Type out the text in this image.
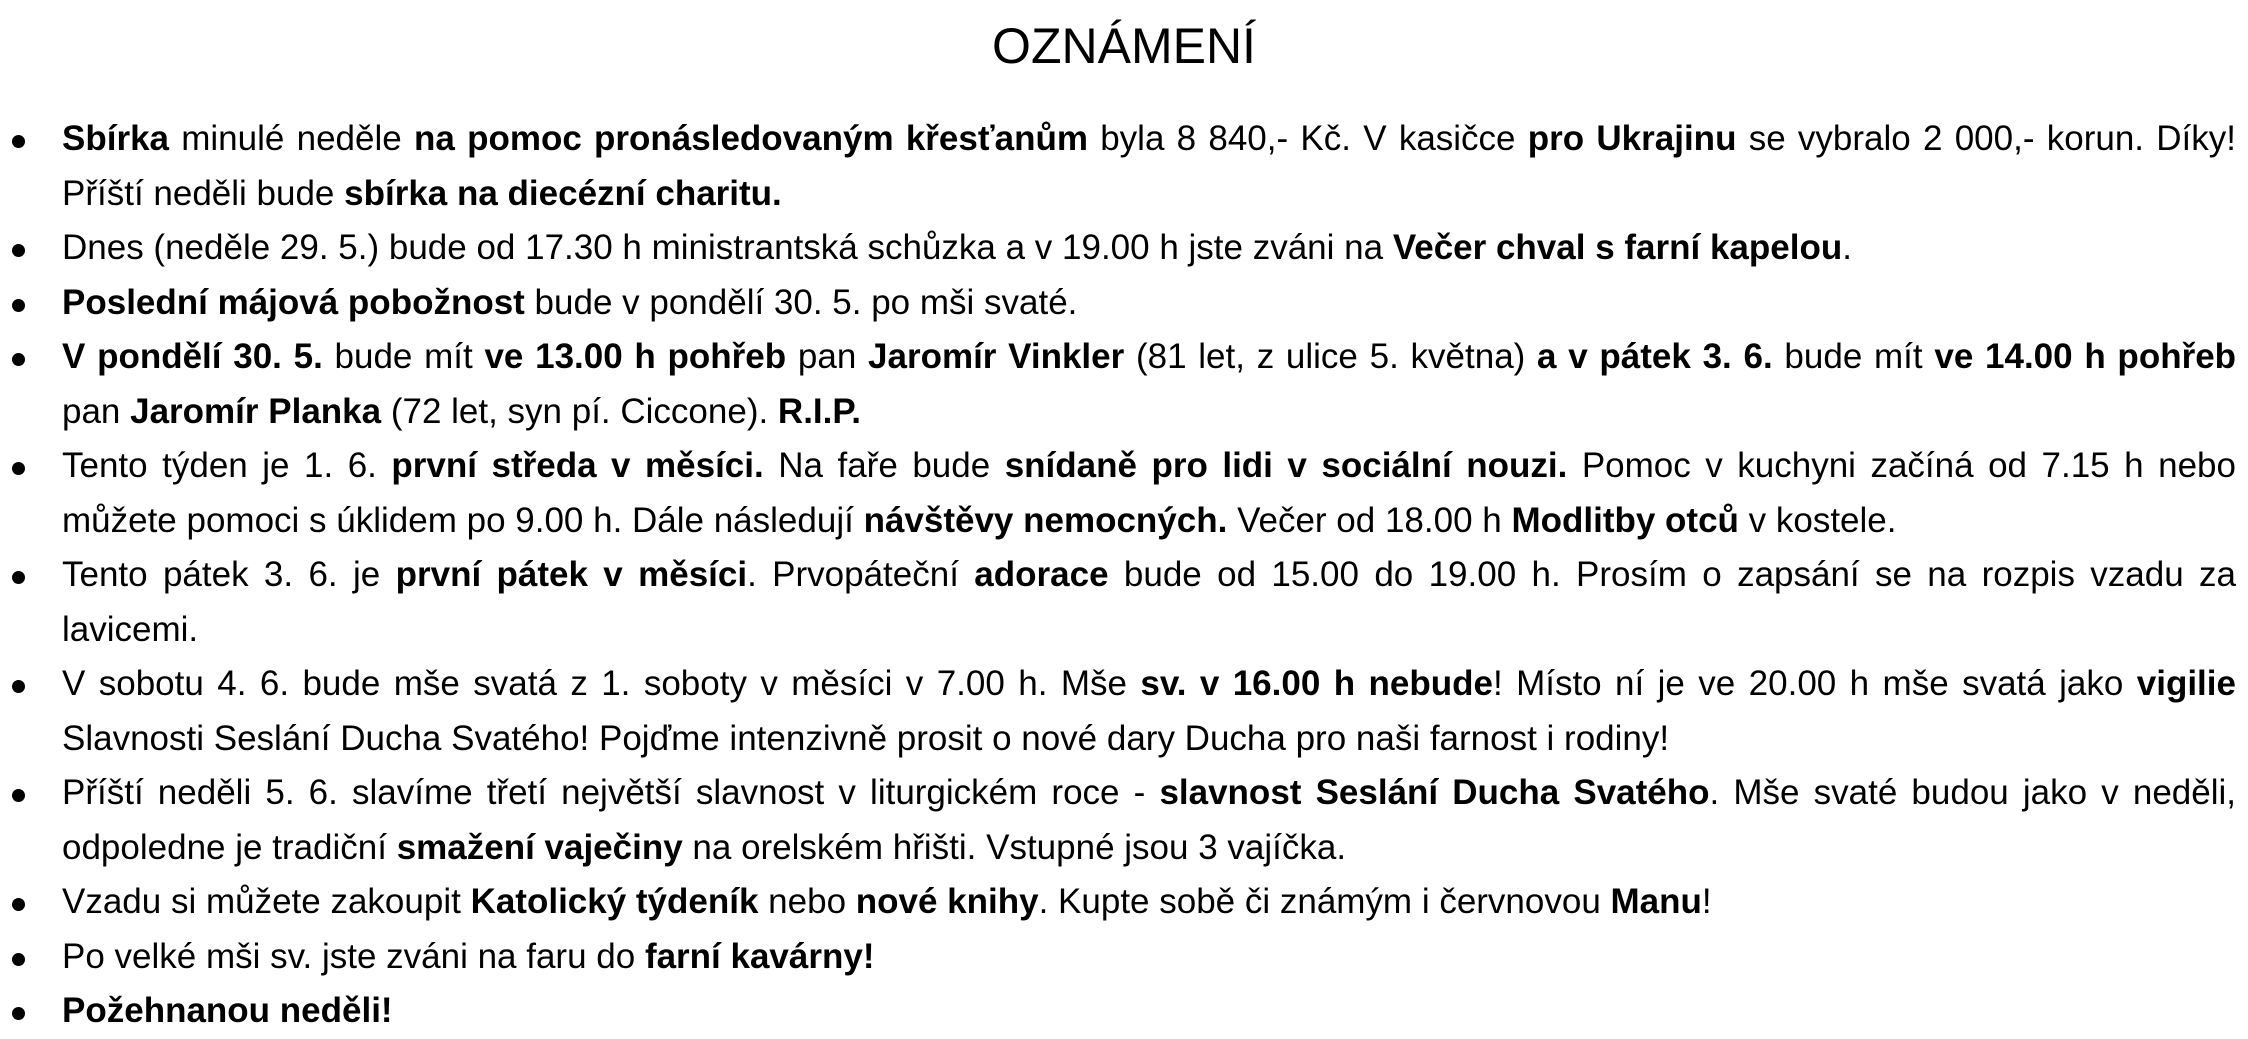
OZNÁMENÍ
Sbírka minulé neděle na pomoc pronásledovaným křesťanům byla 8 840,- Kč. V kasičce pro Ukrajinu se vybralo 2 000,- korun. Díky! Příští neděli bude sbírka na diecézní charitu.
Dnes (neděle 29. 5.) bude od 17.30 h ministrantská schůzka a v 19.00 h jste zváni na Večer chval s farní kapelou.
Poslední májová pobožnost bude v pondělí 30. 5. po mši svaté.
V pondělí 30. 5. bude mít ve 13.00 h pohřeb pan Jaromír Vinkler (81 let, z ulice 5. května) a v pátek 3. 6. bude mít ve 14.00 h pohřeb pan Jaromír Planka (72 let, syn pí. Ciccone). R.I.P.
Tento týden je 1. 6. první středa v měsíci. Na faře bude snídaně pro lidi v sociální nouzi. Pomoc v kuchyni začíná od 7.15 h nebo můžete pomoci s úklidem po 9.00 h. Dále následují návštěvy nemocných. Večer od 18.00 h Modlitby otců v kostele.
Tento pátek 3. 6. je první pátek v měsíci. Prvopáteční adorace bude od 15.00 do 19.00 h. Prosím o zapsání se na rozpis vzadu za lavicemi.
V sobotu 4. 6. bude mše svatá z 1. soboty v měsíci v 7.00 h. Mše sv. v 16.00 h nebude! Místo ní je ve 20.00 h mše svatá jako vigilie Slavnosti Seslání Ducha Svatého! Pojďme intenzivně prosit o nové dary Ducha pro naši farnost i rodiny!
Příští neděli 5. 6. slavíme třetí největší slavnost v liturgickém roce - slavnost Seslání Ducha Svatého. Mše svaté budou jako v neděli, odpoledne je tradiční smažení vaječiny na orelském hřišti. Vstupné jsou 3 vajíčka.
Vzadu si můžete zakoupit Katolický týdeník nebo nové knihy. Kupte sobě či známým i červnovou Manu!
Po velké mši sv. jste zváni na faru do farní kavárny!
Požehnanou neděli!
